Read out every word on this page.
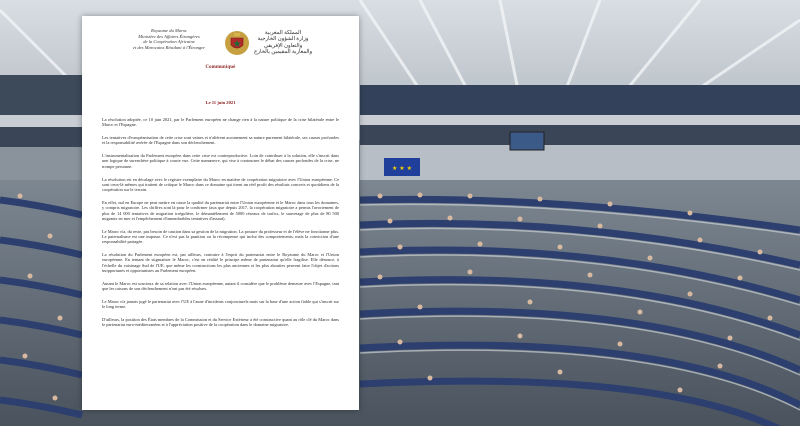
★ ★ ★
Royaume du Maroc
Ministère des Affaires Étrangères
de la Coopération Africaine
et des Marocains Résidant à l'Étranger
المملكة المغربية
وزارة الشؤون الخارجية
والتعاون الإفريقي
والمغاربة المقيمين بالخارج
Communiqué
Le 11 juin 2021

La résolution adoptée, ce 10 juin 2021, par le Parlement européen ne change rien à la nature politique de la crise bilatérale entre le Maroc et l'Espagne.

Les tentatives d'européanisation de cette crise sont vaines et n'altèrent aucunement sa nature purement bilatérale, ses causes profondes et la responsabilité avérée de l'Espagne dans son déclenchement.

L'instrumentalisation du Parlement européen dans cette crise est contreproductive. Loin de contribuer à la solution, elle s'inscrit dans une logique de surenchère politique à courte vue. Cette manœuvre, qui vise à contourner le débat des causes profondes de la crise, ne trompe personne.

La résolution est en décalage avec le registre exemplaire du Maroc en matière de coopération migratoire avec l'Union européenne. Ce sont ceux-là mêmes qui traitent de critique le Maroc dans ce domaine qui tirent un réel profit des résultats concrets et quotidiens de la coopération sur le terrain.

En effet, nul en Europe ne peut mettre en cause la qualité du partenariat entre l'Union européenne et le Maroc dans tous les domaines, y compris migratoire. Les chiffres sont là pour le confirmer (aux que depuis 2017, la coopération migratoire a permis l'avortement de plus de 14 000 tentatives de migration irrégulière, le démantèlement de 5000 réseaux de trafics, le sauvetage de plus de 80 500 migrants en mer et l'empêchement d'innombrables tentatives d'assaut).

Le Maroc n'a, du reste, pas besoin de caution dans sa gestion de la migration. La posture du professeur et de l'élève ne fonctionne plus. Le paternalisme est une impasse. Ce n'est pas la punition ou la récompense qui inclut des comportements, mais la conviction d'une responsabilité partagée.

La résolution du Parlement européen est, par ailleurs, contraire à l'esprit du partenariat entre le Royaume du Maroc et l'Union européenne. En tentant de stigmatiser le Maroc, c'est en réalité le principe même de partenariat qu'elle fragilise. Elle dénonce, à l'échelle du voisinage Sud de l'UE, que même les constructions les plus anciennes et les plus abouties peuvent faire l'objet d'actions inopportunes et opportunistes au Parlement européen.

Autant le Maroc est soucieux de sa relation avec l'Union européenne, autant il considère que le problème demeure avec l'Espagne, tant que les raisons de son déclenchement n'ont pas été résolues.

Le Maroc n'a jamais jugé le partenariat avec l'UE à l'aune d'incidents conjoncturels mais sur la base d'une action fiable qui s'inscrit sur le long terme.

D'ailleurs, la position des États membres de la Commission et du Service Extérieur a été constructive quant au rôle clé du Maroc dans le partenariat euro-méditerranéen et à l'appréciation positive de la coopération dans le domaine migratoire.
